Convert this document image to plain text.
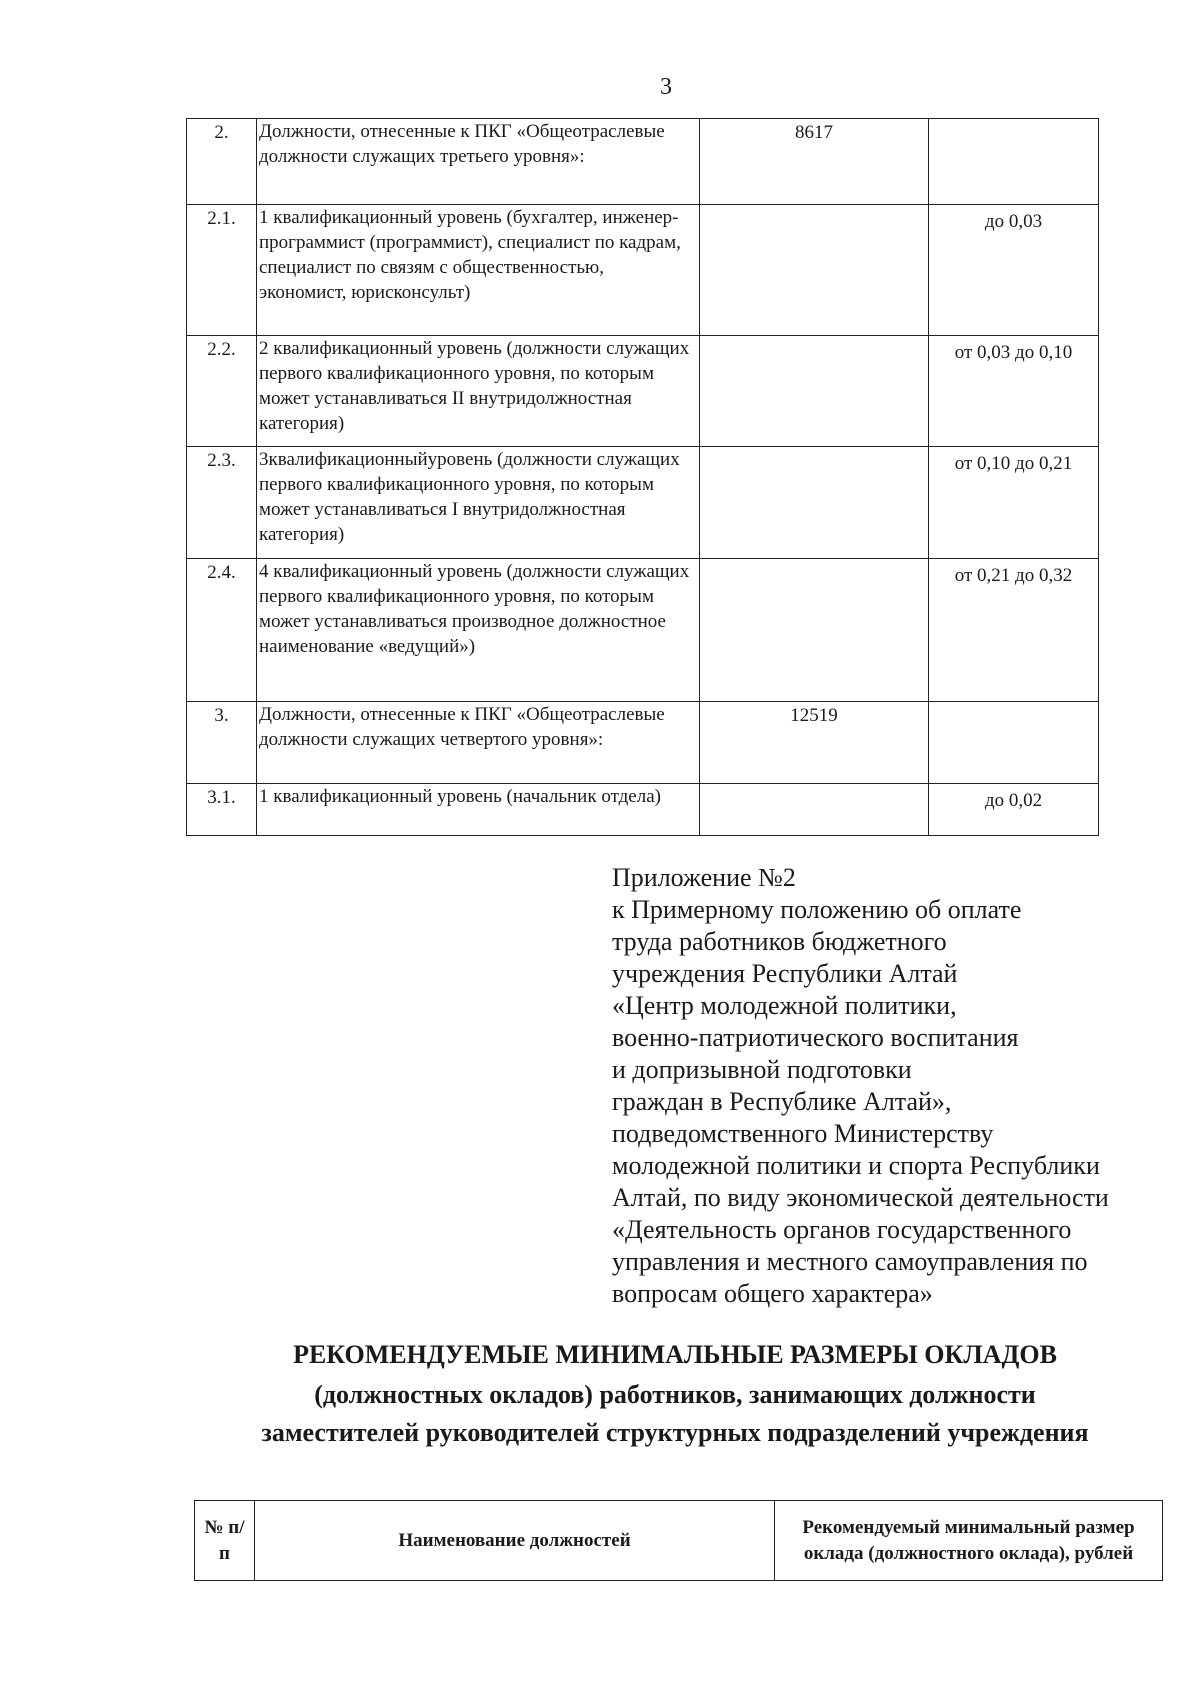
3
2.	Должности, отнесенные к ПКГ «Общеотраслевые должности служащих третьего уровня»:	8617	
2.1.	1 квалификационный уровень (бухгалтер, инженер-программист (программист), специалист по кадрам, специалист по связям с общественностью, экономист, юрисконсульт)		до 0,03
2.2.	2 квалификационный уровень (должности служащих первого квалификационного уровня, по которым может устанавливаться II внутридолжностная категория)		от 0,03 до 0,10
2.3.	3квалификационныйуровень (должности служащих первого квалификационного уровня, по которым может устанавливаться I внутридолжностная категория)		от 0,10 до 0,21
2.4.	4 квалификационный уровень (должности служащих первого квалификационного уровня, по которым может устанавливаться производное должностное наименование «ведущий»)		от 0,21 до 0,32
3.	Должности, отнесенные к ПКГ «Общеотраслевые должности служащих четвертого уровня»:	12519	
3.1.	1 квалификационный уровень (начальник отдела)		до 0,02
Приложение №2
к Примерному положению об оплате
труда работников бюджетного
учреждения Республики Алтай
«Центр молодежной политики,
военно-патриотического воспитания
и допризывной подготовки
граждан в Республике Алтай»,
подведомственного Министерству
молодежной политики и спорта Республики
Алтай, по виду экономической деятельности
«Деятельность органов государственного
управления и местного самоуправления по
вопросам общего характера»
РЕКОМЕНДУЕМЫЕ МИНИМАЛЬНЫЕ РАЗМЕРЫ ОКЛАДОВ
(должностных окладов) работников, занимающих должности
заместителей руководителей структурных подразделений учреждения
№ п/п	Наименование должностей	Рекомендуемый минимальный размер оклада (должностного оклада), рублей
